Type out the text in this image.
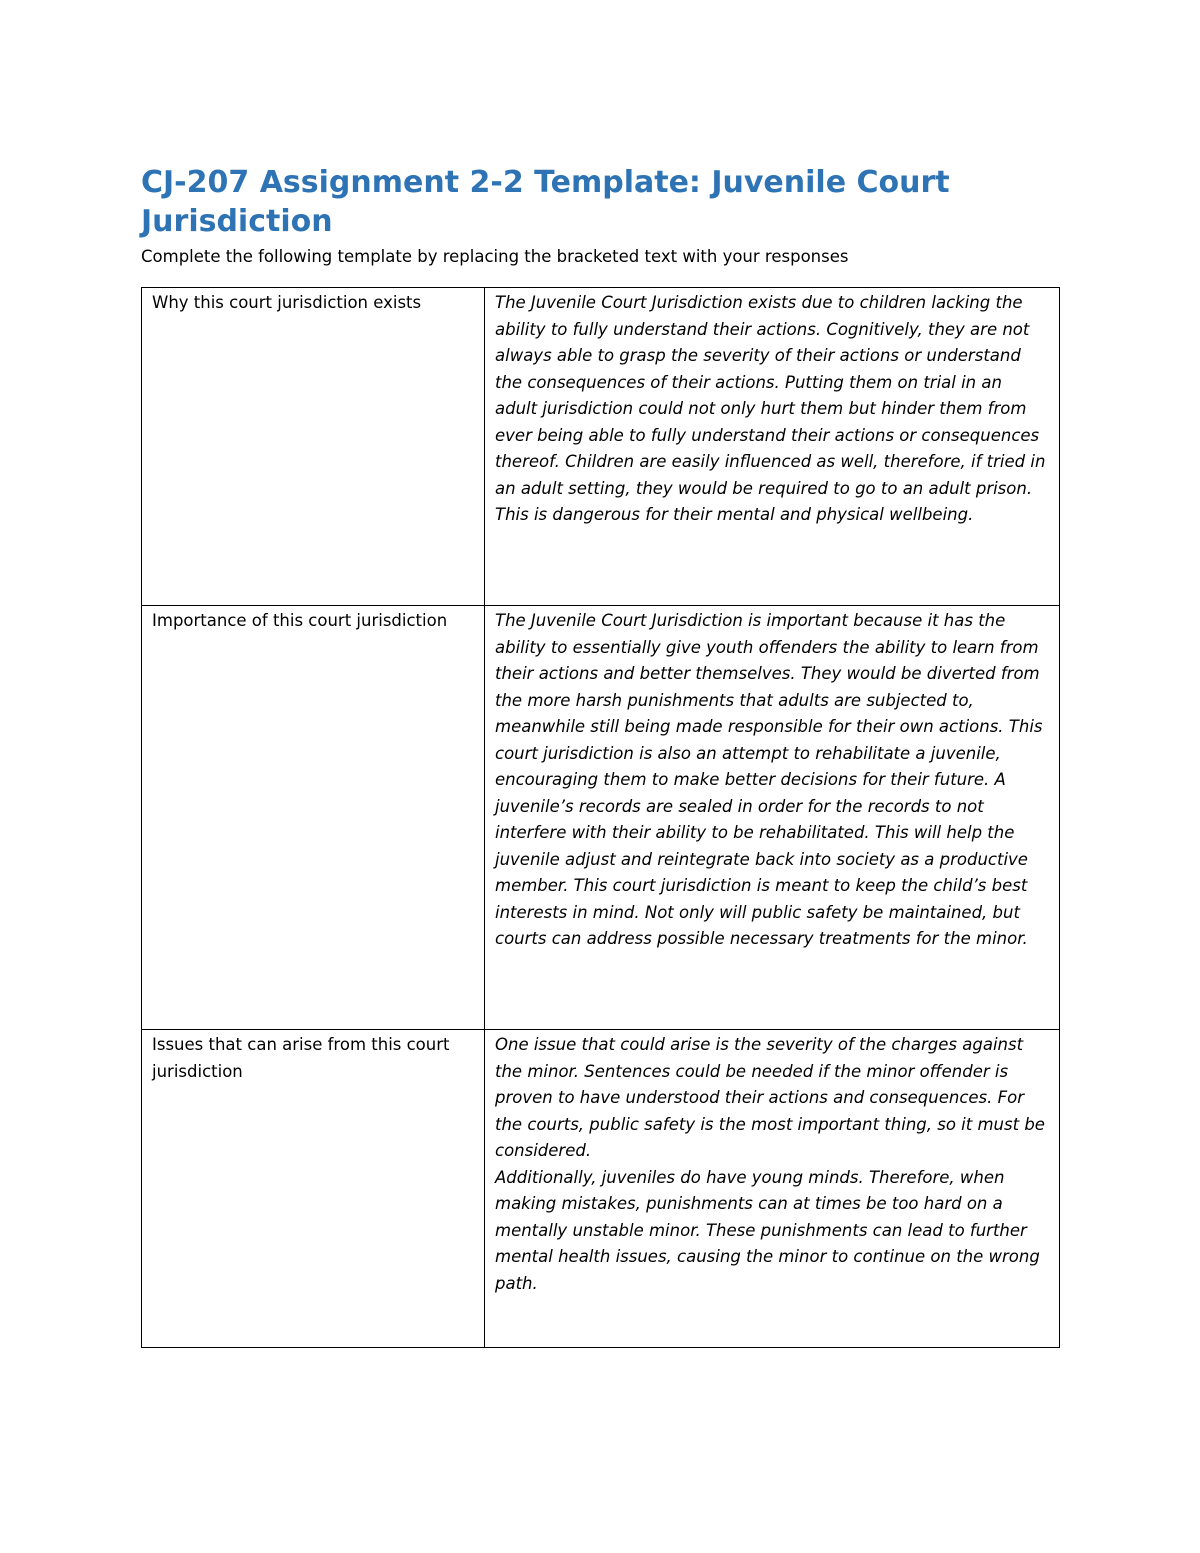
CJ-207 Assignment 2-2 Template: Juvenile Court Jurisdiction

Complete the following template by replacing the bracketed text with your responses

Why this court jurisdiction exists	The Juvenile Court Jurisdiction exists due to children lacking the ability to fully understand their actions. Cognitively, they are not always able to grasp the severity of their actions or understand the consequences of their actions. Putting them on trial in an adult jurisdiction could not only hurt them but hinder them from ever being able to fully understand their actions or consequences thereof. Children are easily influenced as well, therefore, if tried in an adult setting, they would be required to go to an adult prison. This is dangerous for their mental and physical wellbeing.

Importance of this court jurisdiction	The Juvenile Court Jurisdiction is important because it has the ability to essentially give youth offenders the ability to learn from their actions and better themselves. They would be diverted from the more harsh punishments that adults are subjected to, meanwhile still being made responsible for their own actions. This court jurisdiction is also an attempt to rehabilitate a juvenile, encouraging them to make better decisions for their future. A juvenile’s records are sealed in order for the records to not interfere with their ability to be rehabilitated. This will help the juvenile adjust and reintegrate back into society as a productive member. This court jurisdiction is meant to keep the child’s best interests in mind. Not only will public safety be maintained, but courts can address possible necessary treatments for the minor.

Issues that can arise from this court jurisdiction	One issue that could arise is the severity of the charges against the minor. Sentences could be needed if the minor offender is proven to have understood their actions and consequences. For the courts, public safety is the most important thing, so it must be considered.
Additionally, juveniles do have young minds. Therefore, when making mistakes, punishments can at times be too hard on a mentally unstable minor. These punishments can lead to further mental health issues, causing the minor to continue on the wrong path.
